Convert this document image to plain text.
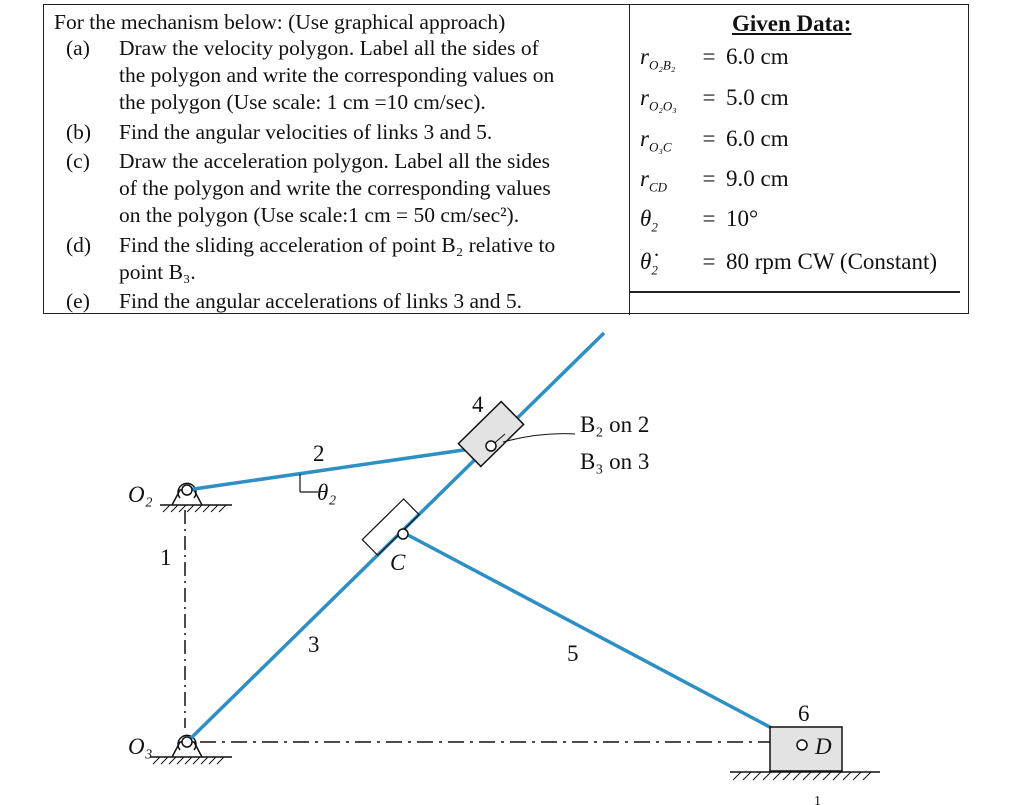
For the mechanism below: (Use graphical approach)
(a) Draw the velocity polygon. Label all the sides of
the polygon and write the corresponding values on
the polygon (Use scale: 1 cm =10 cm/sec).
(b) Find the angular velocities of links 3 and 5.
(c) Draw the acceleration polygon. Label all the sides
of the polygon and write the corresponding values
on the polygon (Use scale:1 cm = 50 cm/sec²).
(d) Find the sliding acceleration of point B₂ relative to
point B₃.
(e) Find the angular accelerations of links 3 and 5.
Given Data:
$r_{O_2B_2} = 6.0$ cm
$r_{O_2O_3} = 5.0$ cm
$r_{O_3C} = 6.0$ cm
$r_{CD} = 9.0$ cm
$\theta_2 = 10^\circ$
$\thetȧ_2 = 80$ rpm CW (Constant)
O₂
O₃
2
θ₂
1
3
4
5
6
C
D
B₂ on 2
B₃ on 3
1
